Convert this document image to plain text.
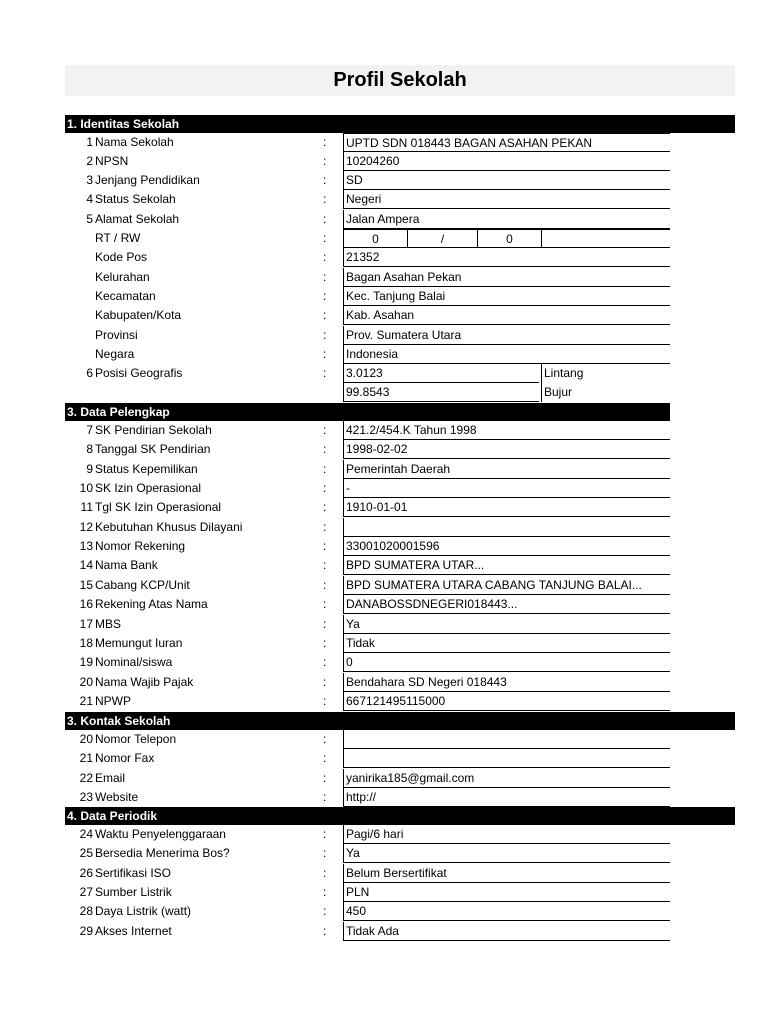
Profil Sekolah
1. Identitas Sekolah
1 Nama Sekolah	: UPTD SDN 018443 BAGAN ASAHAN PEKAN
2 NPSN	: 10204260
3 Jenjang Pendidikan	: SD
4 Status Sekolah	: Negeri
5 Alamat Sekolah	: Jalan Ampera
RT / RW	:	0	/	0
Kode Pos	: 21352
Kelurahan	: Bagan Asahan Pekan
Kecamatan	: Kec. Tanjung Balai
Kabupaten/Kota	: Kab. Asahan
Provinsi	: Prov. Sumatera Utara
Negara	: Indonesia
6 Posisi Geografis	: 3.0123	Lintang
99.8543	Bujur
3. Data Pelengkap
7 SK Pendirian Sekolah	: 421.2/454.K Tahun 1998
8 Tanggal SK Pendirian	: 1998-02-02
9 Status Kepemilikan	: Pemerintah Daerah
10 SK Izin Operasional	: -
11 Tgl SK Izin Operasional	: 1910-01-01
12 Kebutuhan Khusus Dilayani	:
13 Nomor Rekening	: 33001020001596
14 Nama Bank	: BPD SUMATERA UTAR...
15 Cabang KCP/Unit	: BPD SUMATERA UTARA CABANG TANJUNG BALAI...
16 Rekening Atas Nama	: DANABOSSDNEGERI018443...
17 MBS	: Ya
18 Memungut Iuran	: Tidak
19 Nominal/siswa	: 0
20 Nama Wajib Pajak	: Bendahara SD Negeri 018443
21 NPWP	: 667121495115000
3. Kontak Sekolah
20 Nomor Telepon	:
21 Nomor Fax	:
22 Email	: yanirika185@gmail.com
23 Website	: http://
4. Data Periodik
24 Waktu Penyelenggaraan	: Pagi/6 hari
25 Bersedia Menerima Bos?	: Ya
26 Sertifikasi ISO	: Belum Bersertifikat
27 Sumber Listrik	: PLN
28 Daya Listrik (watt)	: 450
29 Akses Internet	: Tidak Ada
